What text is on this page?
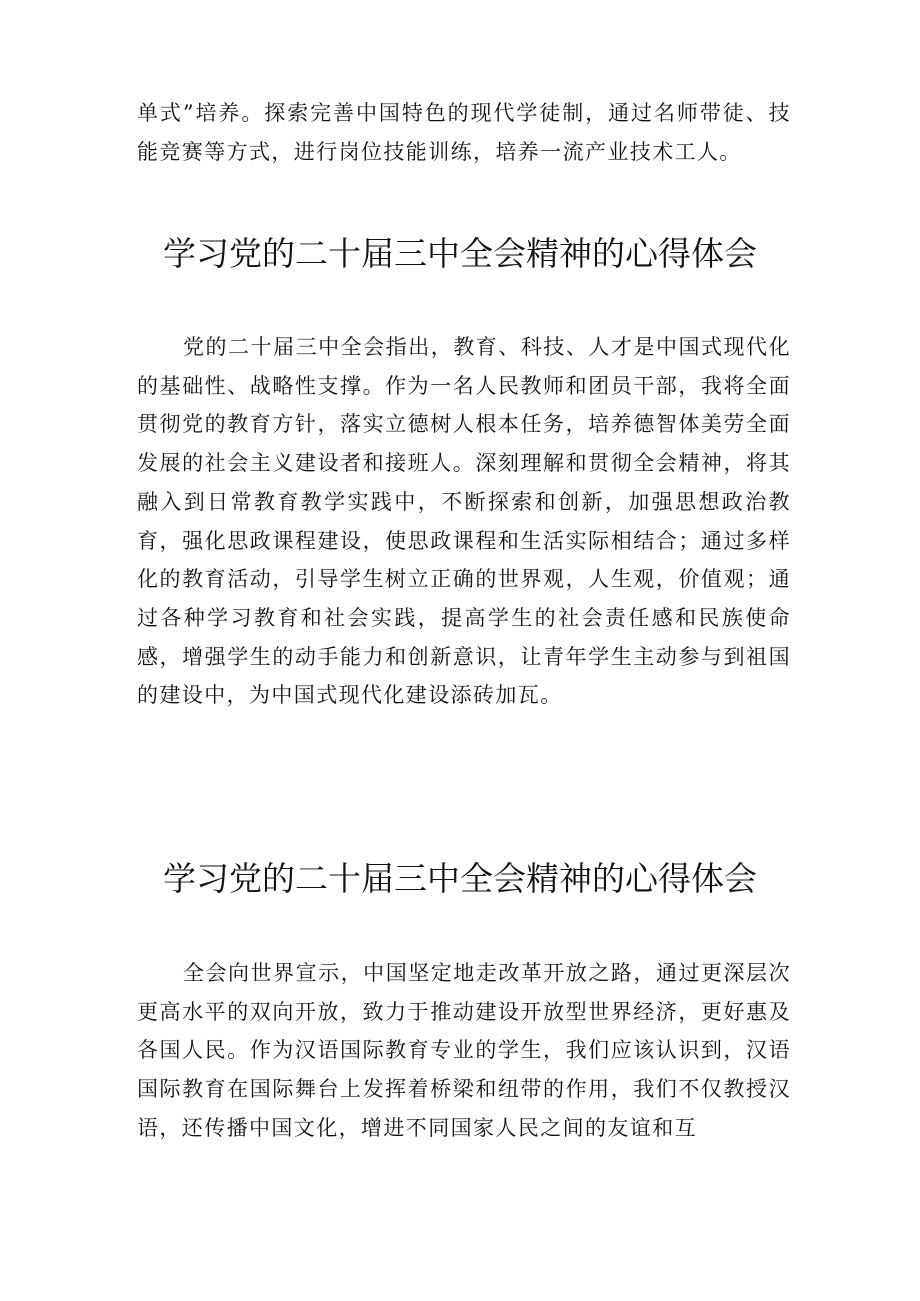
单式”培养。探索完善中国特色的现代学徒制，通过名师带徒、技能竞赛等方式，进行岗位技能训练，培养一流产业技术工人。

学习党的二十届三中全会精神的心得体会

党的二十届三中全会指出，教育、科技、人才是中国式现代化的基础性、战略性支撑。作为一名人民教师和团员干部，我将全面贯彻党的教育方针，落实立德树人根本任务，培养德智体美劳全面发展的社会主义建设者和接班人。深刻理解和贯彻全会精神，将其融入到日常教育教学实践中，不断探索和创新，加强思想政治教育，强化思政课程建设，使思政课程和生活实际相结合；通过多样化的教育活动，引导学生树立正确的世界观，人生观，价值观；通过各种学习教育和社会实践，提高学生的社会责任感和民族使命感，增强学生的动手能力和创新意识，让青年学生主动参与到祖国的建设中，为中国式现代化建设添砖加瓦。

学习党的二十届三中全会精神的心得体会

全会向世界宣示，中国坚定地走改革开放之路，通过更深层次更高水平的双向开放，致力于推动建设开放型世界经济，更好惠及各国人民。作为汉语国际教育专业的学生，我们应该认识到，汉语国际教育在国际舞台上发挥着桥梁和纽带的作用，我们不仅教授汉语，还传播中国文化，增进不同国家人民之间的友谊和互
